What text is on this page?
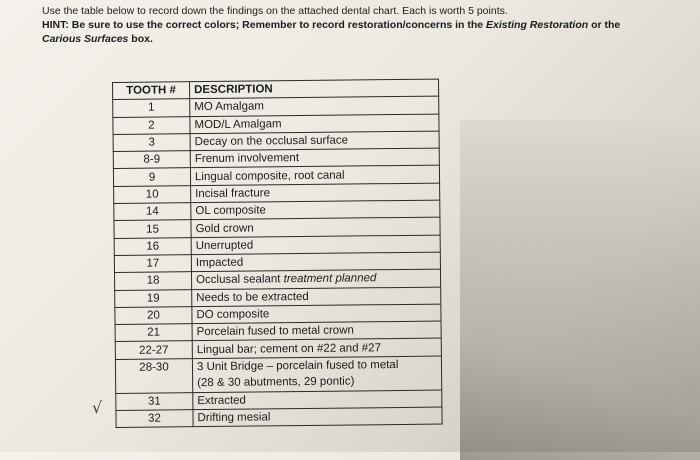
Use the table below to record down the findings on the attached dental chart. Each is worth 5 points.
HINT: Be sure to use the correct colors; Remember to record restoration/concerns in the Existing Restoration or the
Carious Surfaces box.
√
TOOTH #	DESCRIPTION
1	MO Amalgam
2	MOD/L Amalgam
3	Decay on the occlusal surface
8-9	Frenum involvement
9	Lingual composite, root canal
10	Incisal fracture
14	OL composite
15	Gold crown
16	Unerrupted
17	Impacted
18	Occlusal sealant treatment planned
19	Needs to be extracted
20	DO composite
21	Porcelain fused to metal crown
22-27	Lingual bar; cement on #22 and #27
28-30	3 Unit Bridge – porcelain fused to metal
(28 & 30 abutments, 29 pontic)
31	Extracted
32	Drifting mesial
